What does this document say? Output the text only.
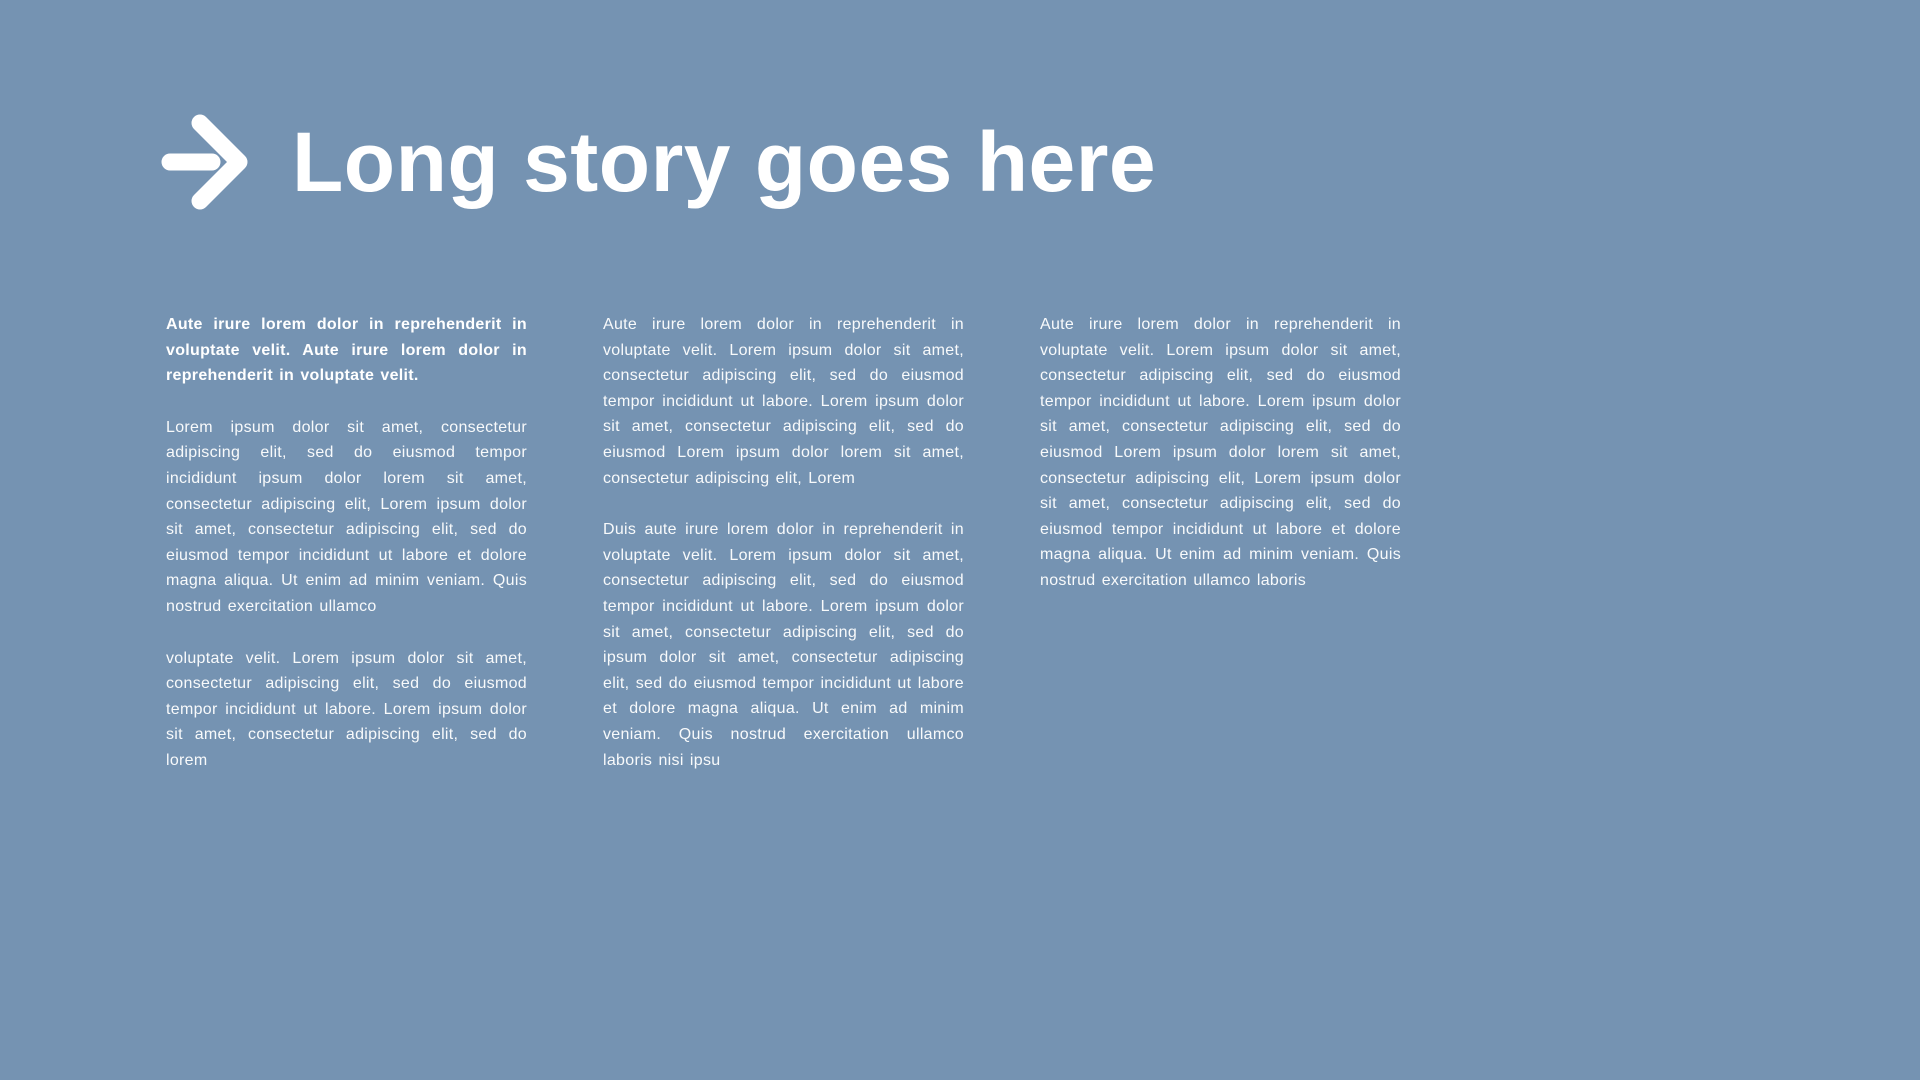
Long story goes here

Aute irure lorem dolor in reprehenderit in voluptate velit. Aute irure lorem dolor in reprehenderit in voluptate velit.

Lorem ipsum dolor sit amet, consectetur adipiscing elit, sed do eiusmod tempor incididunt ipsum dolor lorem sit amet, consectetur adipiscing elit, Lorem ipsum dolor sit amet, consectetur adipiscing elit, sed do eiusmod tempor incididunt ut labore et dolore magna aliqua. Ut enim ad minim veniam. Quis nostrud exercitation ullamco

voluptate velit. Lorem ipsum dolor sit amet, consectetur adipiscing elit, sed do eiusmod tempor incididunt ut labore. Lorem ipsum dolor sit amet, consectetur adipiscing elit, sed do lorem

Aute irure lorem dolor in reprehenderit in voluptate velit. Lorem ipsum dolor sit amet, consectetur adipiscing elit, sed do eiusmod tempor incididunt ut labore. Lorem ipsum dolor sit amet, consectetur adipiscing elit, sed do eiusmod Lorem ipsum dolor lorem sit amet, consectetur adipiscing elit, Lorem

Duis aute irure lorem dolor in reprehenderit in voluptate velit. Lorem ipsum dolor sit amet, consectetur adipiscing elit, sed do eiusmod tempor incididunt ut labore. Lorem ipsum dolor sit amet, consectetur adipiscing elit, sed do ipsum dolor sit amet, consectetur adipiscing elit, sed do eiusmod tempor incididunt ut labore et dolore magna aliqua. Ut enim ad minim veniam. Quis nostrud exercitation ullamco laboris nisi ipsu

Aute irure lorem dolor in reprehenderit in voluptate velit. Lorem ipsum dolor sit amet, consectetur adipiscing elit, sed do eiusmod tempor incididunt ut labore. Lorem ipsum dolor sit amet, consectetur adipiscing elit, sed do eiusmod Lorem ipsum dolor lorem sit amet, consectetur adipiscing elit, Lorem ipsum dolor sit amet, consectetur adipiscing elit, sed do eiusmod tempor incididunt ut labore et dolore magna aliqua. Ut enim ad minim veniam. Quis nostrud exercitation ullamco laboris
